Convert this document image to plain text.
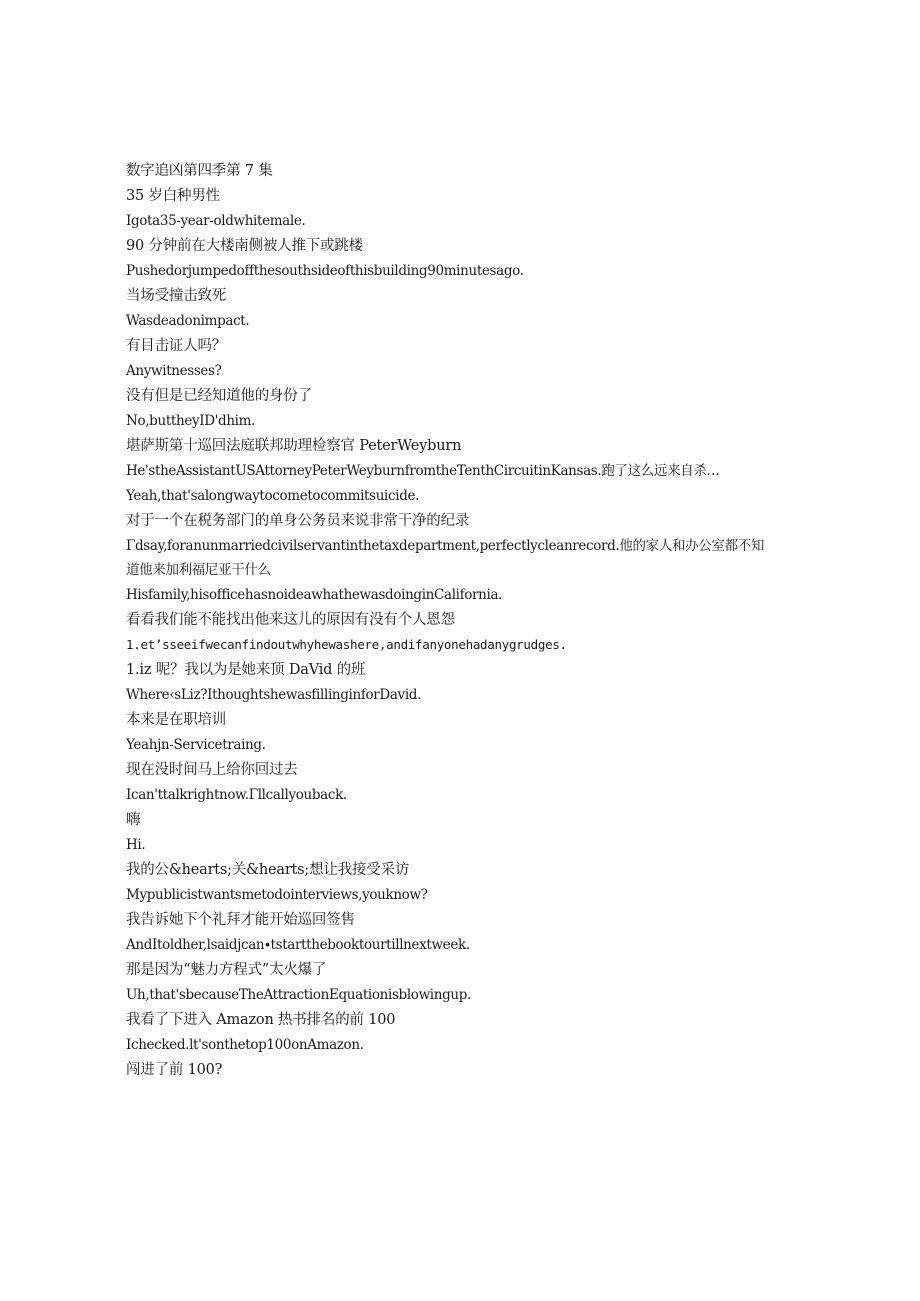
数字追凶第四季第 7 集
35 岁白种男性
Igota35-year-oldwhitemale.
90 分钟前在大楼南侧被人推下或跳楼
Pushedorjumpedoffthesouthsideofthisbuilding90minutesago.
当场受撞击致死
Wasdeadonimpact.
有目击证人吗？
Anywitnesses?
没有但是已经知道他的身份了
No,buttheyID'dhim.
堪萨斯第十巡回法庭联邦助理检察官 PeterWeyburn
He'stheAssistantUSAttorneyPeterWeyburnfromtheTenthCircuitinKansas.跑了这么远来自杀…
Yeah,that'salongwaytocometocommitsuicide.
对于一个在税务部门的单身公务员来说非常干净的纪录
Γdsay,foranunmarriedcivilservantinthetaxdepartment,perfectlycleanrecord.他的家人和办公室都不知道他来加利福尼亚干什么
Hisfamily,hisofficehasnoideawhathewasdoinginCalifornia.
看看我们能不能找出他来这儿的原因有没有个人恩怨
1.et’sseeifwecanfindoutwhyhewashere,andifanyonehadanygrudges.
1.iz 呢？我以为是她来顶 DaVid 的班
Where‹sLiz?IthoughtshewasfillinginforDavid.
本来是在职培训
Yeahjn-Servicetraing.
现在没时间马上给你回过去
Ican'ttalkrightnow.Γllcallyouback.
嗨
Hi.
我的公&hearts;关&hearts;想让我接受采访
Mypublicistwantsmetodointerviews,youknow?
我告诉她下个礼拜才能开始巡回签售
AndItoldher,lsaidjcan∙tstartthebooktourtillnextweek.
那是因为“魅力方程式”太火爆了
Uh,that'sbecauseTheAttractionEquationisblowingup.
我看了下进入 Amazon 热书排名的前 100
Ichecked.lt'sonthetop100onAmazon.
闯进了前 100?
